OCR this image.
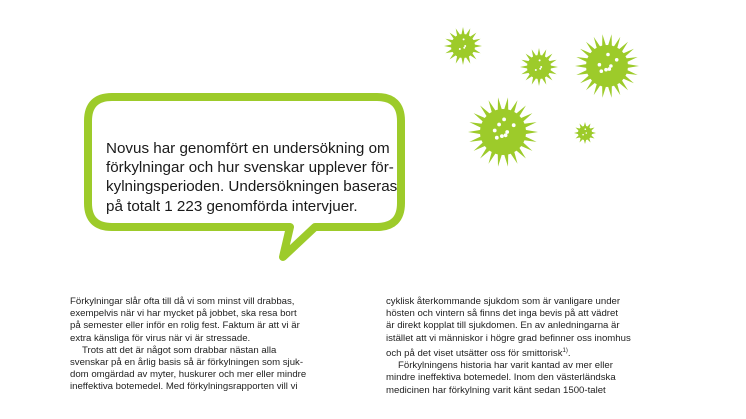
Novus har genomfört en undersökning om
förkylningar och hur svenskar upplever för-
kylningsperioden. Undersökningen baseras
på totalt 1 223 genomförda intervjuer.

Förkylningar slår ofta till då vi som minst vill drabbas,
exempelvis när vi har mycket på jobbet, ska resa bort
på semester eller inför en rolig fest. Faktum är att vi är
extra känsliga för virus när vi är stressade.

Trots att det är något som drabbar nästan alla
svenskar på en årlig basis så är förkylningen som sjuk-
dom omgärdad av myter, huskurer och mer eller mindre
ineffektiva botemedel. Med förkylningsrapporten vill vi

cyklisk återkommande sjukdom som är vanligare under
hösten och vintern så finns det inga bevis på att vädret
är direkt kopplat till sjukdomen. En av anledningarna är
istället att vi människor i högre grad befinner oss inomhus
och på det viset utsätter oss för smittorisk$^{1)}$.

Förkylningens historia har varit kantad av mer eller
mindre ineffektiva botemedel. Inom den västerländska
medicinen har förkylning varit känt sedan 1500-talet
